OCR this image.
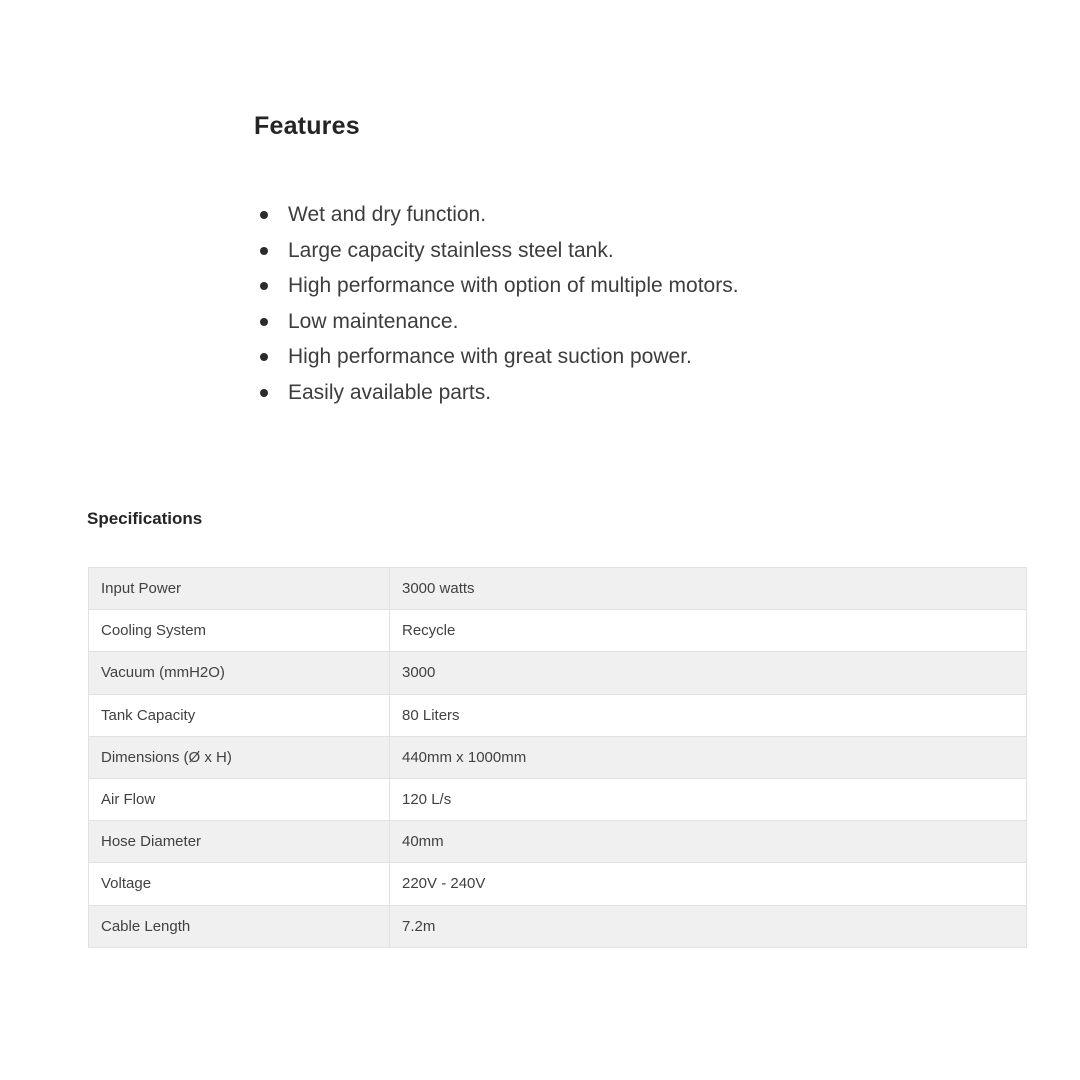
Features
Wet and dry function.
Large capacity stainless steel tank.
High performance with option of multiple motors.
Low maintenance.
High performance with great suction power.
Easily available parts.
Specifications
Input Power	3000 watts
Cooling System	Recycle
Vacuum (mmH2O)	3000
Tank Capacity	80 Liters
Dimensions (Ø x H)	440mm x 1000mm
Air Flow	120 L/s
Hose Diameter	40mm
Voltage	220V - 240V
Cable Length	7.2m
